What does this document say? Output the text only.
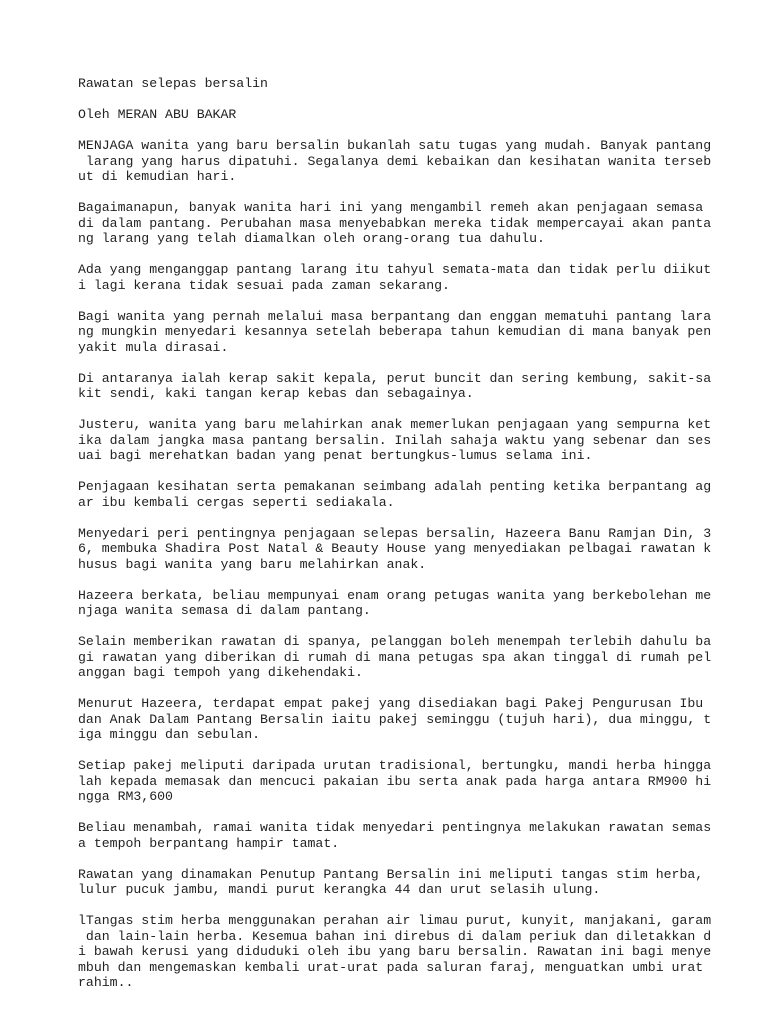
Rawatan selepas bersalin
Oleh MERAN ABU BAKAR
MENJAGA wanita yang baru bersalin bukanlah satu tugas yang mudah. Banyak pantang
larang yang harus dipatuhi. Segalanya demi kebaikan dan kesihatan wanita terseb
ut di kemudian hari.
Bagaimanapun, banyak wanita hari ini yang mengambil remeh akan penjagaan semasa
di dalam pantang. Perubahan masa menyebabkan mereka tidak mempercayai akan panta
ng larang yang telah diamalkan oleh orang-orang tua dahulu.
Ada yang menganggap pantang larang itu tahyul semata-mata dan tidak perlu diikut
i lagi kerana tidak sesuai pada zaman sekarang.
Bagi wanita yang pernah melalui masa berpantang dan enggan mematuhi pantang lara
ng mungkin menyedari kesannya setelah beberapa tahun kemudian di mana banyak pen
yakit mula dirasai.
Di antaranya ialah kerap sakit kepala, perut buncit dan sering kembung, sakit-sa
kit sendi, kaki tangan kerap kebas dan sebagainya.
Justeru, wanita yang baru melahirkan anak memerlukan penjagaan yang sempurna ket
ika dalam jangka masa pantang bersalin. Inilah sahaja waktu yang sebenar dan ses
uai bagi merehatkan badan yang penat bertungkus-lumus selama ini.
Penjagaan kesihatan serta pemakanan seimbang adalah penting ketika berpantang ag
ar ibu kembali cergas seperti sediakala.
Menyedari peri pentingnya penjagaan selepas bersalin, Hazeera Banu Ramjan Din, 3
6, membuka Shadira Post Natal & Beauty House yang menyediakan pelbagai rawatan k
husus bagi wanita yang baru melahirkan anak.
Hazeera berkata, beliau mempunyai enam orang petugas wanita yang berkebolehan me
njaga wanita semasa di dalam pantang.
Selain memberikan rawatan di spanya, pelanggan boleh menempah terlebih dahulu ba
gi rawatan yang diberikan di rumah di mana petugas spa akan tinggal di rumah pel
anggan bagi tempoh yang dikehendaki.
Menurut Hazeera, terdapat empat pakej yang disediakan bagi Pakej Pengurusan Ibu
dan Anak Dalam Pantang Bersalin iaitu pakej seminggu (tujuh hari), dua minggu, t
iga minggu dan sebulan.
Setiap pakej meliputi daripada urutan tradisional, bertungku, mandi herba hingga
lah kepada memasak dan mencuci pakaian ibu serta anak pada harga antara RM900 hi
ngga RM3,600
Beliau menambah, ramai wanita tidak menyedari pentingnya melakukan rawatan semas
a tempoh berpantang hampir tamat.
Rawatan yang dinamakan Penutup Pantang Bersalin ini meliputi tangas stim herba,
lulur pucuk jambu, mandi purut kerangka 44 dan urut selasih ulung.
lTangas stim herba menggunakan perahan air limau purut, kunyit, manjakani, garam
dan lain-lain herba. Kesemua bahan ini direbus di dalam periuk dan diletakkan d
i bawah kerusi yang diduduki oleh ibu yang baru bersalin. Rawatan ini bagi menye
mbuh dan mengemaskan kembali urat-urat pada saluran faraj, menguatkan umbi urat
rahim..
